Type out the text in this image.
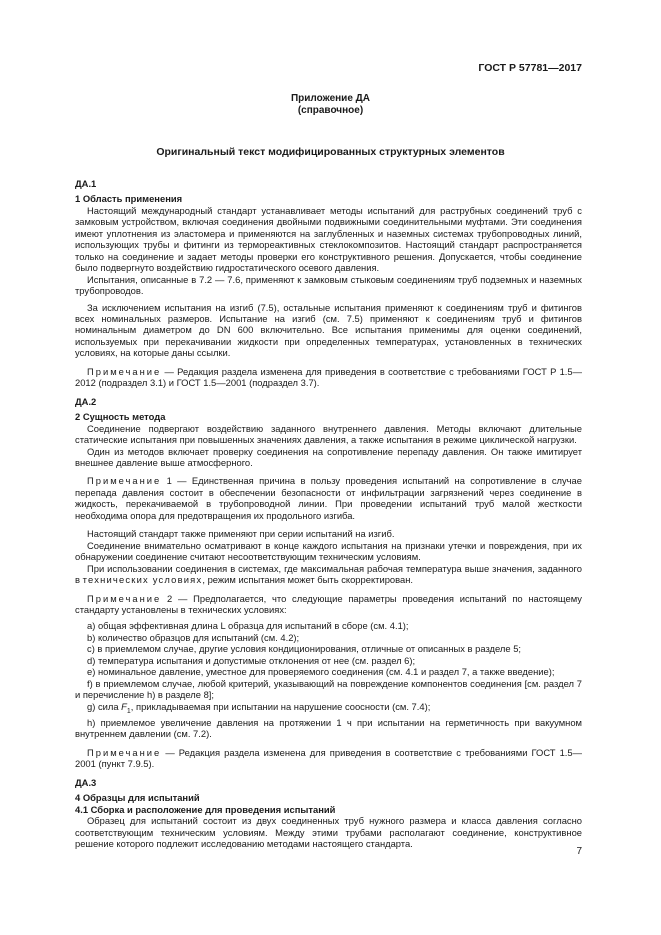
ГОСТ Р 57781—2017
Приложение ДА
(справочное)
Оригинальный текст модифицированных структурных элементов

ДА.1

1 Область применения

Настоящий международный стандарт устанавливает методы испытаний для раструбных соединений труб с замковым устройством, включая соединения двойными подвижными соединительными муфтами. Эти соединения имеют уплотнения из эластомера и применяются на заглубленных и наземных системах трубопроводных линий, использующих трубы и фитинги из термореактивных стеклокомпозитов. Настоящий стандарт распространяется только на соединение и задает методы проверки его конструктивного решения. Допускается, чтобы соединение было подвергнуто воздействию гидростатического осевого давления.

Испытания, описанные в 7.2 — 7.6, применяют к замковым стыковым соединениям труб подземных и наземных трубопроводов.

За исключением испытания на изгиб (7.5), остальные испытания применяют к соединениям труб и фитингов всех номинальных размеров. Испытание на изгиб (см. 7.5) применяют к соединениям труб и фитингов номинальным диаметром до DN 600 включительно. Все испытания применимы для оценки соединений, используемых при перекачивании жидкости при определенных температурах, установленных в технических условиях, на которые даны ссылки.

Примечание — Редакция раздела изменена для приведения в соответствие с требованиями ГОСТ Р 1.5—2012 (подраздел 3.1) и ГОСТ 1.5—2001 (подраздел 3.7).

ДА.2

2 Сущность метода

Соединение подвергают воздействию заданного внутреннего давления. Методы включают длительные статические испытания при повышенных значениях давления, а также испытания в режиме циклической нагрузки.

Один из методов включает проверку соединения на сопротивление перепаду давления. Он также имитирует внешнее давление выше атмосферного.

Примечание 1 — Единственная причина в пользу проведения испытаний на сопротивление в случае перепада давления состоит в обеспечении безопасности от инфильтрации загрязнений через соединение в жидкость, перекачиваемой в трубопроводной линии. При проведении испытаний труб малой жесткости необходима опора для предотвращения их продольного изгиба.

Настоящий стандарт также применяют при серии испытаний на изгиб.

Соединение внимательно осматривают в конце каждого испытания на признаки утечки и повреждения, при их обнаружении соединение считают несоответствующим техническим условиям.

При использовании соединения в системах, где максимальная рабочая температура выше значения, заданного в технических условиях, режим испытания может быть скорректирован.

Примечание 2 — Предполагается, что следующие параметры проведения испытаний по настоящему стандарту установлены в технических условиях:

а) общая эффективная длина L образца для испытаний в сборе (см. 4.1);

b) количество образцов для испытаний (см. 4.2);

c) в приемлемом случае, другие условия кондиционирования, отличные от описанных в разделе 5;

d) температура испытания и допустимые отклонения от нее (см. раздел 6);

e) номинальное давление, уместное для проверяемого соединения (см. 4.1 и раздел 7, а также введение);

f) в приемлемом случае, любой критерий, указывающий на повреждение компонентов соединения [см. раздел 7 и перечисление h) в разделе 8];

g) сила $F_1$, прикладываемая при испытании на нарушение соосности (см. 7.4);

h) приемлемое увеличение давления на протяжении 1 ч при испытании на герметичность при вакуумном внутреннем давлении (см. 7.2).

Примечание — Редакция раздела изменена для приведения в соответствие с требованиями ГОСТ 1.5—2001 (пункт 7.9.5).

ДА.3

4 Образцы для испытаний

4.1 Сборка и расположение для проведения испытаний

Образец для испытаний состоит из двух соединенных труб нужного размера и класса давления согласно соответствующим техническим условиям. Между этими трубами располагают соединение, конструктивное решение которого подлежит исследованию методами настоящего стандарта.

7
